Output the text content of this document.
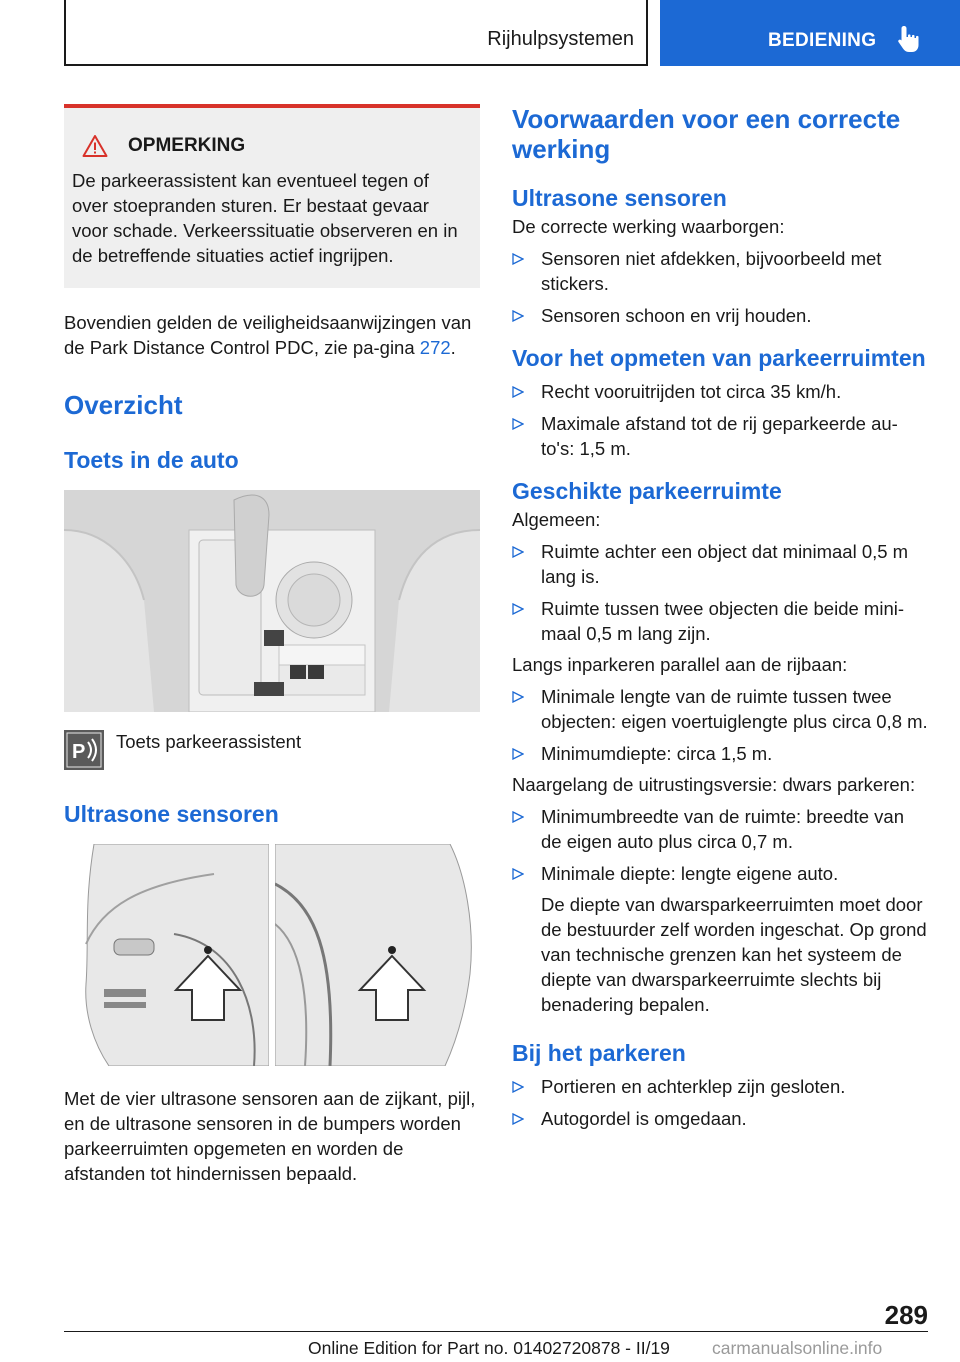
Rijhulpsystemen	BEDIENING
OPMERKING
De parkeerassistent kan eventueel tegen of over stoepranden sturen. Er bestaat gevaar voor schade. Verkeerssituatie observeren en in de betreffende situaties actief ingrijpen.

Bovendien gelden de veiligheidsaanwijzingen van de Park Distance Control PDC, zie pa-gina 272.

Overzicht
Toets in de auto
P Toets parkeerassistent
Ultrasone sensoren

Met de vier ultrasone sensoren aan de zijkant, pijl, en de ultrasone sensoren in de bumpers worden parkeerruimten opgemeten en worden de afstanden tot hindernissen bepaald.

Voorwaarden voor een correcte werking
Ultrasone sensoren

De correcte werking waarborgen:

Sensoren niet afdekken, bijvoorbeeld met stickers.
Sensoren schoon en vrij houden.
Voor het opmeten van parkeerruimten
Recht vooruitrijden tot circa 35 km/h.
Maximale afstand tot de rij geparkeerde au-to's: 1,5 m.
Geschikte parkeerruimte

Algemeen:

Ruimte achter een object dat minimaal 0,5 m lang is.
Ruimte tussen twee objecten die beide mini-maal 0,5 m lang zijn.

Langs inparkeren parallel aan de rijbaan:

Minimale lengte van de ruimte tussen twee objecten: eigen voertuiglengte plus circa 0,8 m.
Minimumdiepte: circa 1,5 m.

Naargelang de uitrustingsversie: dwars parkeren:

Minimumbreedte van de ruimte: breedte van de eigen auto plus circa 0,7 m.
Minimale diepte: lengte eigene auto.

De diepte van dwarsparkeerruimten moet door de bestuurder zelf worden ingeschat. Op grond van technische grenzen kan het systeem de diepte van dwarsparkeerruimte slechts bij benadering bepalen.

Bij het parkeren
Portieren en achterklep zijn gesloten.
Autogordel is omgedaan.
289
Online Edition for Part no. 01402720878 - II/19 carmanualsonline.info
